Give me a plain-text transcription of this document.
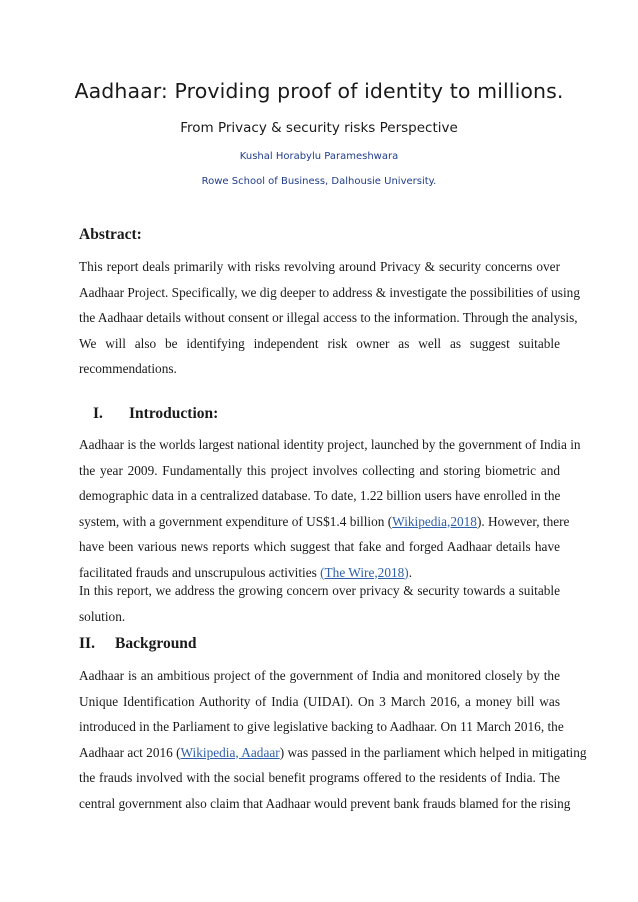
Aadhaar: Providing proof of identity to millions.
From Privacy & security risks Perspective
Kushal Horabylu Parameshwara
Rowe School of Business, Dalhousie University.
Abstract:
This report deals primarily with risks revolving around Privacy & security concerns over
Aadhaar Project. Specifically, we dig deeper to address & investigate the possibilities of using
the Aadhaar details without consent or illegal access to the information. Through the analysis,
We will also be identifying independent risk owner as well as suggest suitable
recommendations.
I. Introduction:
Aadhaar is the worlds largest national identity project, launched by the government of India in
the year 2009. Fundamentally this project involves collecting and storing biometric and
demographic data in a centralized database. To date, 1.22 billion users have enrolled in the
system, with a government expenditure of US$1.4 billion (Wikipedia,2018). However, there
have been various news reports which suggest that fake and forged Aadhaar details have
facilitated frauds and unscrupulous activities (The Wire,2018).
In this report, we address the growing concern over privacy & security towards a suitable
solution.
II. Background
Aadhaar is an ambitious project of the government of India and monitored closely by the
Unique Identification Authority of India (UIDAI). On 3 March 2016, a money bill was
introduced in the Parliament to give legislative backing to Aadhaar. On 11 March 2016, the
Aadhaar act 2016 (Wikipedia, Aadaar) was passed in the parliament which helped in mitigating
the frauds involved with the social benefit programs offered to the residents of India. The
central government also claim that Aadhaar would prevent bank frauds blamed for the rising
